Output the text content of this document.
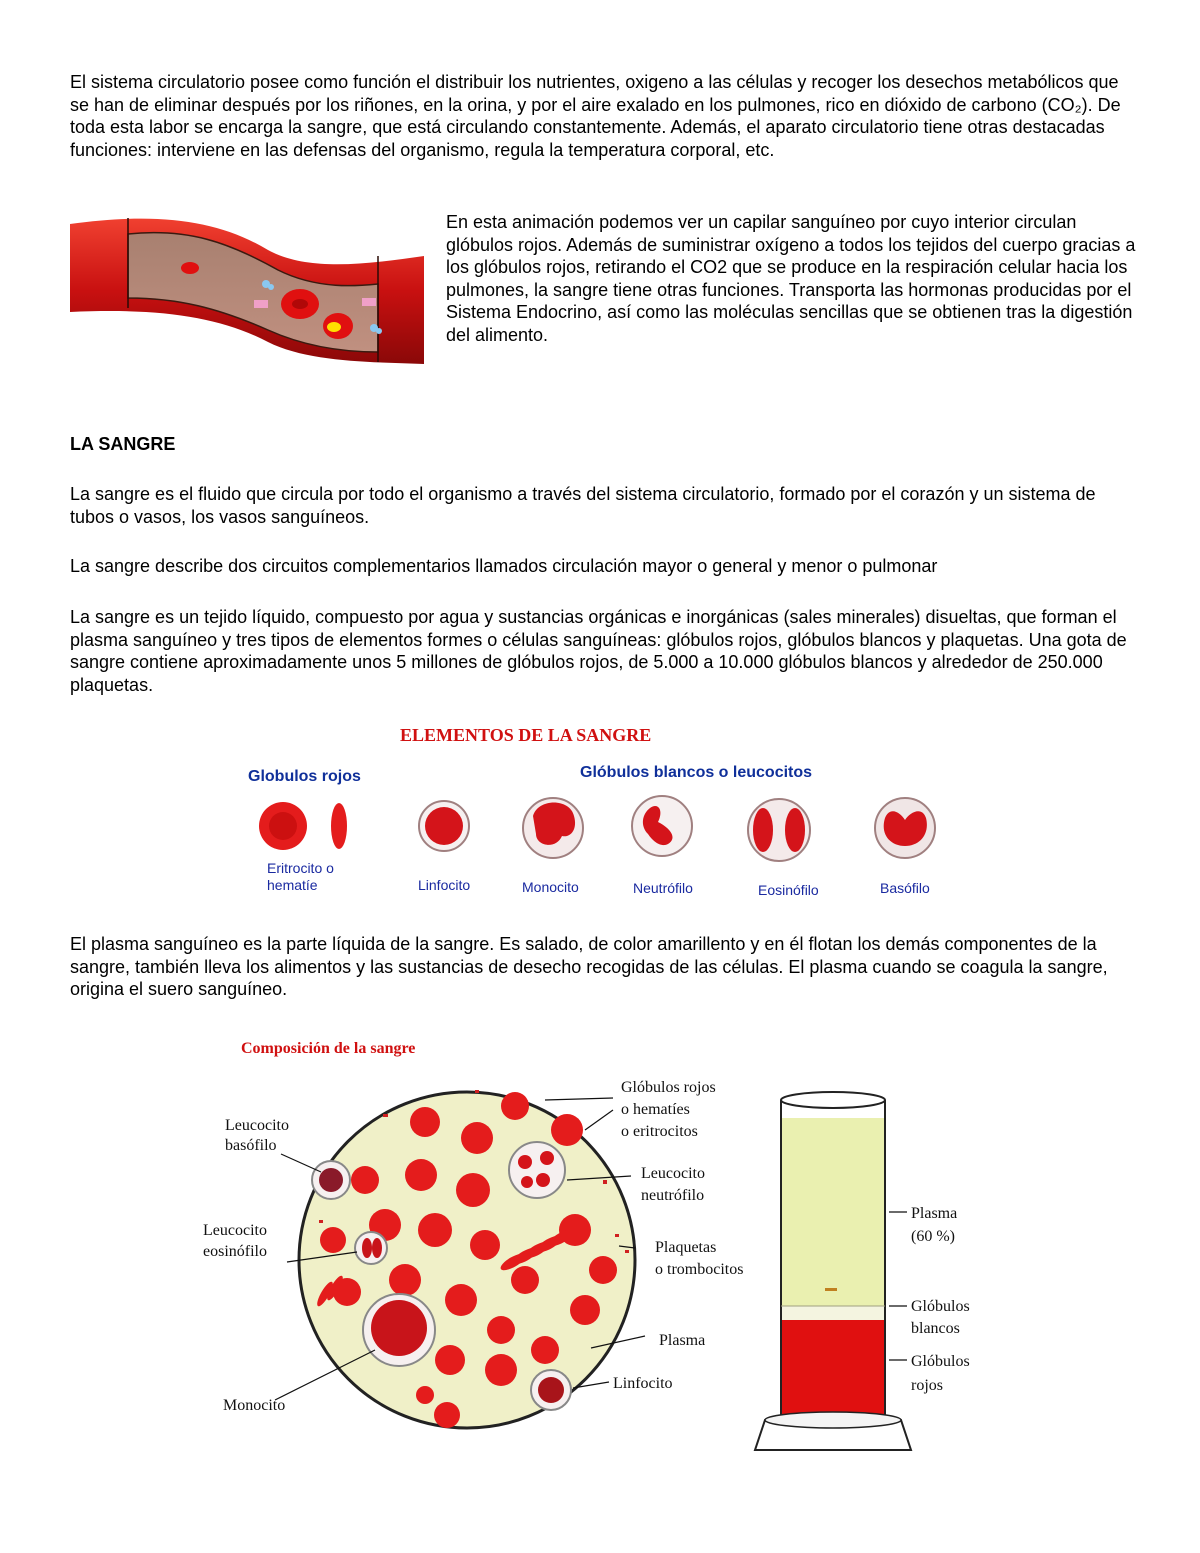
El sistema circulatorio posee como función el distribuir los nutrientes, oxigeno a las células y recoger los desechos metabólicos que se han de eliminar después por los riñones, en la orina, y por el aire exalado en los pulmones, rico en dióxido de carbono (CO₂). De toda esta labor se encarga la sangre, que está circulando constantemente. Además, el aparato circulatorio tiene otras destacadas funciones: interviene en las defensas del organismo, regula la temperatura corporal, etc.

En esta animación podemos ver un capilar sanguíneo por cuyo interior circulan glóbulos rojos. Además de suministrar oxígeno a todos los tejidos del cuerpo gracias a los glóbulos rojos, retirando el CO2 que se produce en la respiración celular hacia los pulmones, la sangre tiene otras funciones. Transporta las hormonas producidas por el Sistema Endocrino, así como las moléculas sencillas que se obtienen tras la digestión del alimento.

LA SANGRE

La sangre es el fluido que circula por todo el organismo a través del sistema circulatorio, formado por el corazón y un sistema de tubos o vasos, los vasos sanguíneos.

La sangre describe dos circuitos complementarios llamados circulación mayor o general y menor o pulmonar

La sangre es un tejido líquido, compuesto por agua y sustancias orgánicas e inorgánicas (sales minerales) disueltas, que forman el plasma sanguíneo y tres tipos de elementos formes o células sanguíneas: glóbulos rojos, glóbulos blancos y plaquetas. Una gota de sangre contiene aproximadamente unos 5 millones de glóbulos rojos, de 5.000 a 10.000 glóbulos blancos y alrededor de 250.000 plaquetas.

ELEMENTOS DE LA SANGRE
Globulos rojos	Glóbulos blancos o leucocitos
Eritrocito o
hematíe	Linfocito	Monocito	Neutrófilo	Eosinófilo	Basófilo

El plasma sanguíneo es la parte líquida de la sangre. Es salado, de color amarillento y en él flotan los demás componentes de la sangre, también lleva los alimentos y las sustancias de desecho recogidas de las células. El plasma cuando se coagula la sangre, origina el suero sanguíneo.

Composición de la sangre
Leucocito basófilo
Leucocito eosinófilo
Monocito
Glóbulos rojos o hematíes o eritrocitos
Leucocito neutrófilo
Plaquetas o trombocitos
Plasma
Linfocito
Plasma (60 %)
Glóbulos blancos
Glóbulos rojos
